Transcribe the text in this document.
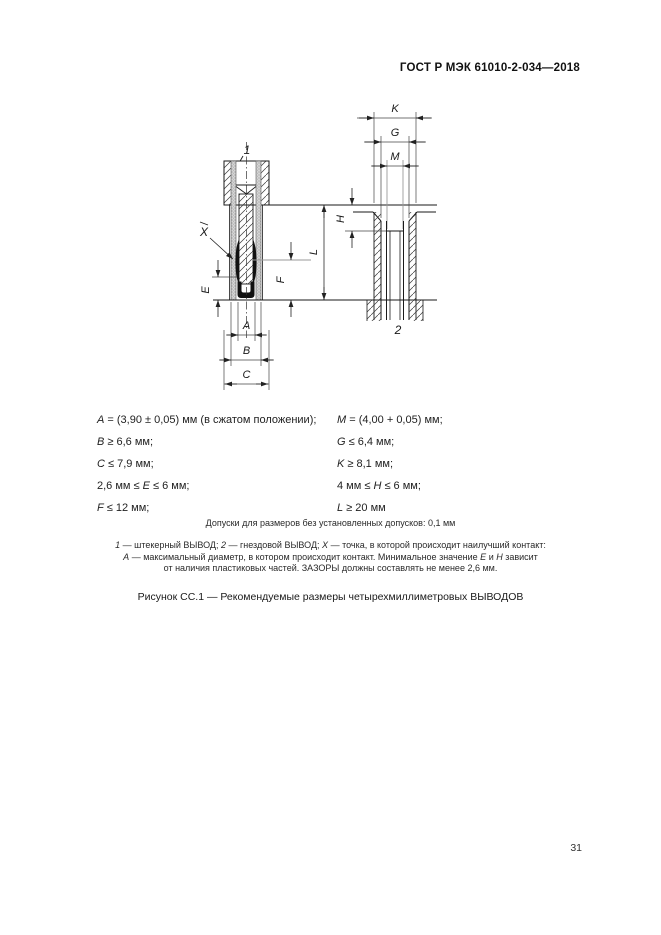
ГОСТ Р МЭК 61010-2-034—2018
1
X
E
F
L
A
B
C
K
G
M
H
2
A = (3,90 ± 0,05) мм (в сжатом положении);
B ≥ 6,6 мм;
C ≤ 7,9 мм;
2,6 мм ≤ E ≤ 6 мм;
F ≤ 12 мм;
M = (4,00 + 0,05) мм;
G ≤ 6,4 мм;
K ≥ 8,1 мм;
4 мм ≤ H ≤ 6 мм;
L ≥ 20 мм
Допуски для размеров без установленных допусков: 0,1 мм
1 — штекерный ВЫВОД; 2 — гнездовой ВЫВОД; X — точка, в которой происходит наилучший контакт:
A — максимальный диаметр, в котором происходит контакт. Минимальное значение E и H зависит
от наличия пластиковых частей. ЗАЗОРЫ должны составлять не менее 2,6 мм.
Рисунок СС.1 — Рекомендуемые размеры четырехмиллиметровых ВЫВОДОВ
31
